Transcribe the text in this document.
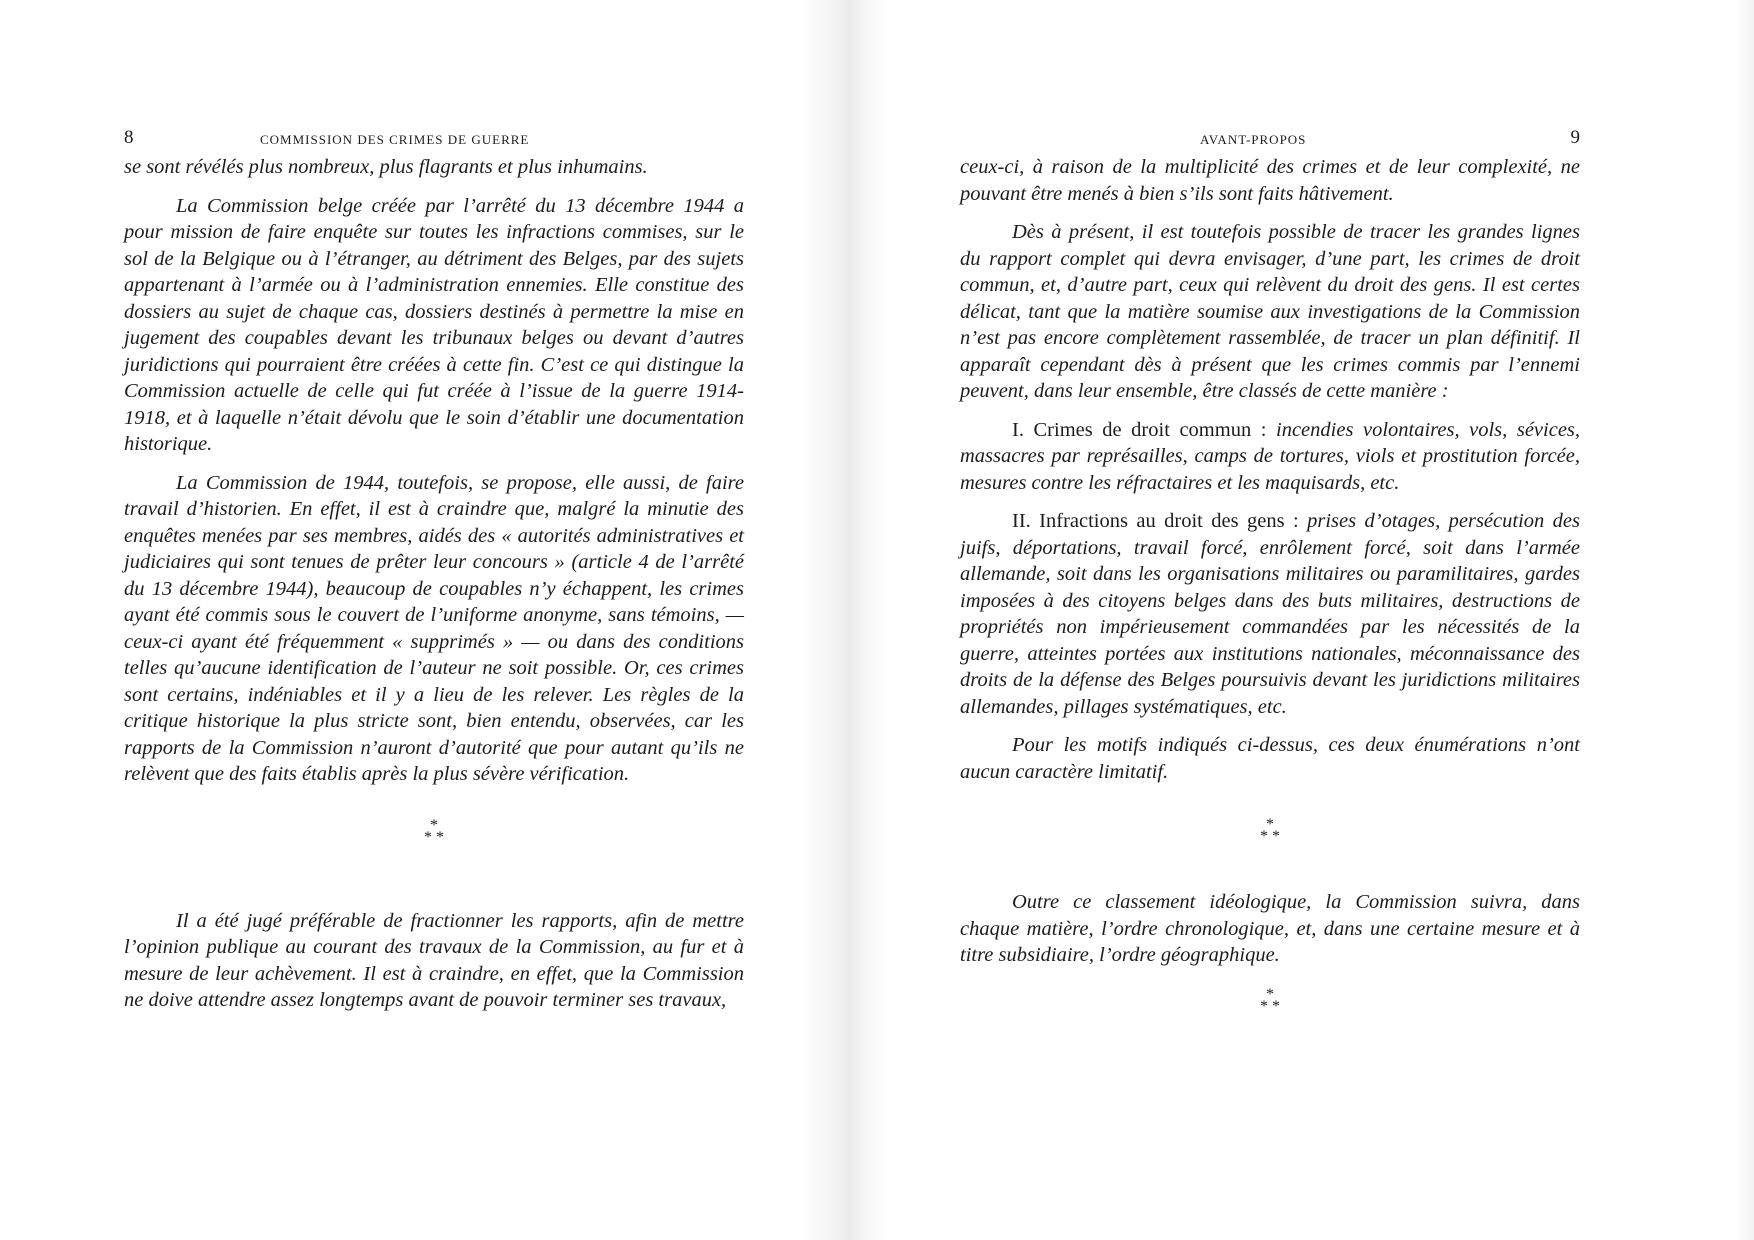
8	COMMISSION DES CRIMES DE GUERRE

se sont révélés plus nombreux, plus flagrants et plus inhumains.

La Commission belge créée par l’arrêté du 13 décembre 1944 a pour mission de faire enquête sur toutes les infractions commises, sur le sol de la Belgique ou à l’étranger, au détriment des Belges, par des sujets appartenant à l’armée ou à l’administration ennemies. Elle constitue des dossiers au sujet de chaque cas, dossiers destinés à permettre la mise en jugement des coupables devant les tribunaux belges ou devant d’autres juridictions qui pourraient être créées à cette fin. C’est ce qui distingue la Commission actuelle de celle qui fut créée à l’issue de la guerre 1914-1918, et à laquelle n’était dévolu que le soin d’établir une documentation historique.

La Commission de 1944, toutefois, se propose, elle aussi, de faire travail d’historien. En effet, il est à craindre que, malgré la minutie des enquêtes menées par ses membres, aidés des « autorités administratives et judiciaires qui sont tenues de prêter leur concours » (article 4 de l’arrêté du 13 décembre 1944), beaucoup de coupables n’y échappent, les crimes ayant été commis sous le couvert de l’uniforme anonyme, sans témoins, — ceux-ci ayant été fréquemment « supprimés » — ou dans des conditions telles qu’aucune identification de l’auteur ne soit possible. Or, ces crimes sont certains, indéniables et il y a lieu de les relever. Les règles de la critique historique la plus stricte sont, bien entendu, observées, car les rapports de la Commission n’auront d’autorité que pour autant qu’ils ne relèvent que des faits établis après la plus sévère vérification.

*
* *

Il a été jugé préférable de fractionner les rapports, afin de mettre l’opinion publique au courant des travaux de la Commission, au fur et à mesure de leur achèvement. Il est à craindre, en effet, que la Commission ne doive attendre assez longtemps avant de pouvoir terminer ses travaux,

AVANT-PROPOS	9

ceux-ci, à raison de la multiplicité des crimes et de leur complexité, ne pouvant être menés à bien s’ils sont faits hâtivement.

Dès à présent, il est toutefois possible de tracer les grandes lignes du rapport complet qui devra envisager, d’une part, les crimes de droit commun, et, d’autre part, ceux qui relèvent du droit des gens. Il est certes délicat, tant que la matière soumise aux investigations de la Commission n’est pas encore complètement rassemblée, de tracer un plan définitif. Il apparaît cependant dès à présent que les crimes commis par l’ennemi peuvent, dans leur ensemble, être classés de cette manière :

I. Crimes de droit commun : incendies volontaires, vols, sévices, massacres par représailles, camps de tortures, viols et prostitution forcée, mesures contre les réfractaires et les maquisards, etc.

II. Infractions au droit des gens : prises d’otages, persécution des juifs, déportations, travail forcé, enrôlement forcé, soit dans l’armée allemande, soit dans les organisations militaires ou paramilitaires, gardes imposées à des citoyens belges dans des buts militaires, destructions de propriétés non impérieusement commandées par les nécessités de la guerre, atteintes portées aux institutions nationales, méconnaissance des droits de la défense des Belges poursuivis devant les juridictions militaires allemandes, pillages systématiques, etc.

Pour les motifs indiqués ci-dessus, ces deux énumérations n’ont aucun caractère limitatif.

*
* *

Outre ce classement idéologique, la Commission suivra, dans chaque matière, l’ordre chronologique, et, dans une certaine mesure et à titre subsidiaire, l’ordre géographique.

*
* *
